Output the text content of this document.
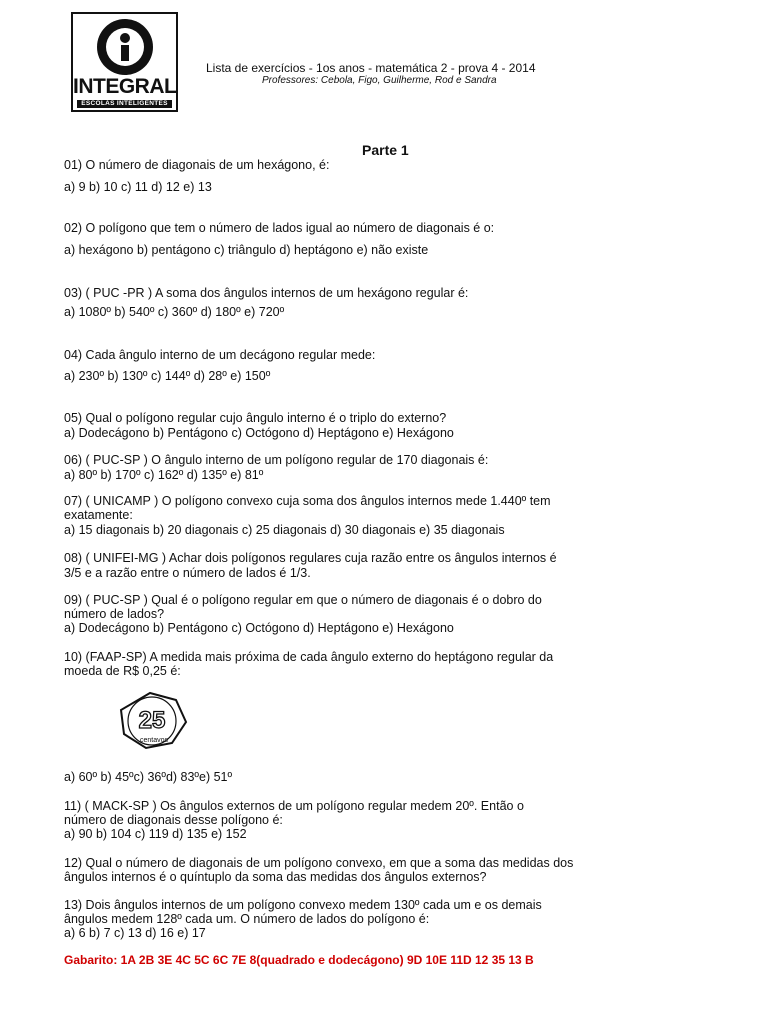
INTEGRAL
ESCOLAS INTELIGENTES
Lista de exercícios - 1os anos - matemática 2 - prova 4 - 2014
Professores: Cebola, Figo, Guilherme, Rod e Sandra
Parte 1
01) O número de diagonais de um hexágono, é:
a) 9 b) 10 c) 11 d) 12 e) 13
02) O polígono que tem o número de lados igual ao número de diagonais é o:
a) hexágono b) pentágono c) triângulo d) heptágono e) não existe
03) ( PUC -PR ) A soma dos ângulos internos de um hexágono regular é:
a) 1080º b) 540º c) 360º d) 180º e) 720º
04) Cada ângulo interno de um decágono regular mede:
a) 230º b) 130º c) 144º d) 28º e) 150º
05) Qual o polígono regular cujo ângulo interno é o triplo do externo?
a) Dodecágono b) Pentágono c) Octógono d) Heptágono e) Hexágono
06) ( PUC-SP ) O ângulo interno de um polígono regular de 170 diagonais é:
a) 80º b) 170º c) 162º d) 135º e) 81º
07) ( UNICAMP ) O polígono convexo cuja soma dos ângulos internos mede 1.440º tem
exatamente:
a) 15 diagonais b) 20 diagonais c) 25 diagonais d) 30 diagonais e) 35 diagonais
08) ( UNIFEI-MG ) Achar dois polígonos regulares cuja razão entre os ângulos internos é
3/5 e a razão entre o número de lados é 1/3.
09) ( PUC-SP ) Qual é o polígono regular em que o número de diagonais é o dobro do
número de lados?
a) Dodecágono b) Pentágono c) Octógono d) Heptágono e) Hexágono
10) (FAAP-SP) A medida mais próxima de cada ângulo externo do heptágono regular da
moeda de R$ 0,25 é:
25
centavos
a) 60º b) 45ºc) 36ºd) 83ºe) 51º
11) ( MACK-SP ) Os ângulos externos de um polígono regular medem 20º. Então o
número de diagonais desse polígono é:
a) 90 b) 104 c) 119 d) 135 e) 152
12) Qual o número de diagonais de um polígono convexo, em que a soma das medidas dos
ângulos internos é o quíntuplo da soma das medidas dos ângulos externos?
13) Dois ângulos internos de um polígono convexo medem 130º cada um e os demais
ângulos medem 128º cada um. O número de lados do polígono é:
a) 6 b) 7 c) 13 d) 16 e) 17
Gabarito: 1A 2B 3E 4C 5C 6C 7E 8(quadrado e dodecágono) 9D 10E 11D 12 35 13 B
